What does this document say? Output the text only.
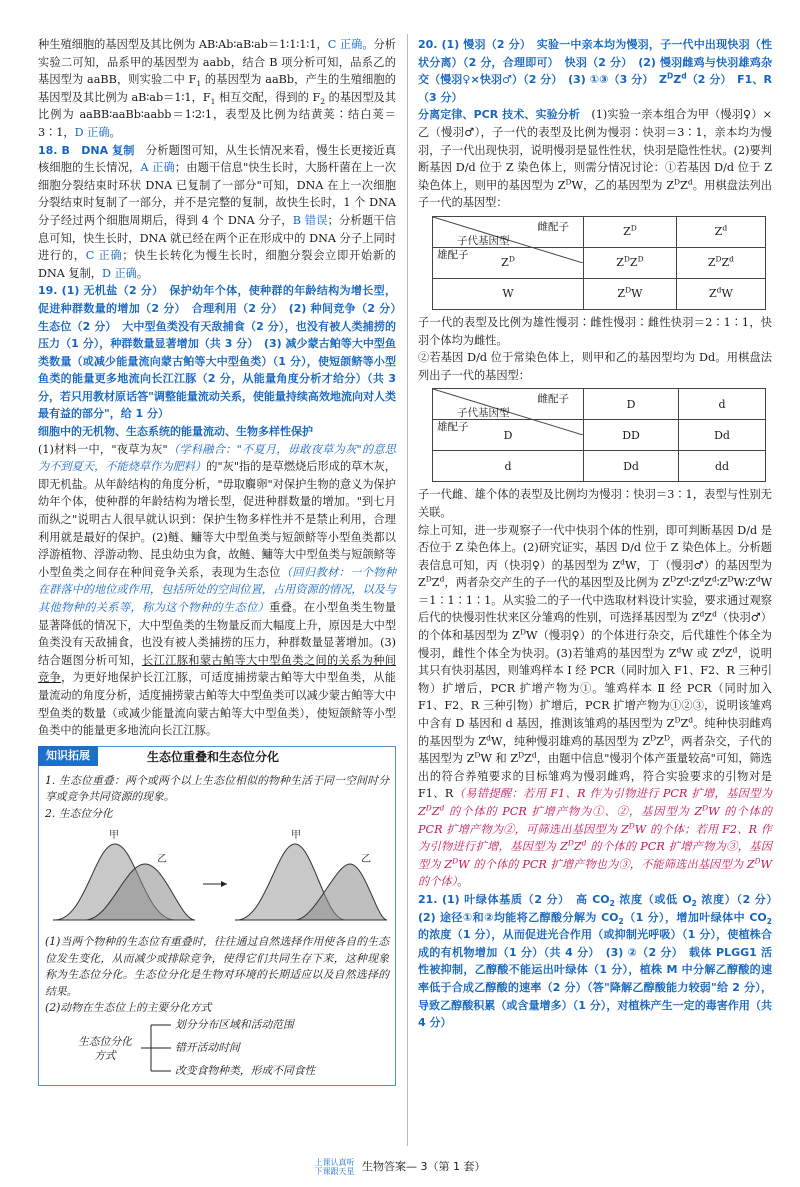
种生殖细胞的基因型及其比例为 AB∶Ab∶aB∶ab＝1∶1∶1∶1，C 正确。分析实验二可知，品系甲的基因型为 aabb，结合 B 项分析可知，品系乙的基因型为 aaBB，则实验二中 $F_1$ 的基因型为 aaBb，产生的生殖细胞的基因型及其比例为 aB∶ab＝1∶1，$F_1$ 相互交配，得到的 $F_2$ 的基因型及其比例为 aaBB∶aaBb∶aabb＝1∶2∶1，表型及比例为结黄荚∶结白荚＝3∶1，D 正确。

18. B　DNA 复制　分析题图可知，从生长情况来看，慢生长更接近真核细胞的生长情况，A 正确；由题干信息"快生长时，大肠杆菌在上一次细胞分裂结束时环状 DNA 已复制了一部分"可知，DNA 在上一次细胞分裂结束时复制了一部分，并不是完整的复制，故快生长时，1 个 DNA 分子经过两个细胞周期后，得到 4 个 DNA 分子，B 错误；分析题干信息可知，快生长时，DNA 就已经在两个正在形成中的 DNA 分子上同时进行的，C 正确；快生长转化为慢生长时，细胞分裂会立即开始新的 DNA 复制，D 正确。

19. (1) 无机盐（2 分）　保护幼年个体，使种群的年龄结构为增长型，促进种群数量的增加（2 分）　合理利用（2 分）　(2) 种间竞争（2 分）　生态位（2 分）　大中型鱼类没有天敌捕食（2 分），也没有被人类捕捞的压力（1 分），种群数量显著增加（共 3 分）　(3) 减少蒙古鲌等大中型鱼类数量（或减少能量流向蒙古鲌等大中型鱼类）（1 分），使短颌鲚等小型鱼类的能量更多地流向长江江豚（2 分，从能量角度分析才给分）（共 3 分，若只用教材原话答"调整能量流动关系，使能量持续高效地流向对人类最有益的部分"，给 1 分）

细胞中的无机物、生态系统的能量流动、生物多样性保护

(1)材料一中，"夜草为灰"（学科融合："不夏月，毋敢夜草为灰"的意思为不到夏天，不能烧草作为肥料）的"灰"指的是草燃烧后形成的草木灰，即无机盐。从年龄结构的角度分析，"毋取麛卵"对保护生物的意义为保护幼年个体，使种群的年龄结构为增长型，促进种群数量的增加。"到七月而纵之"说明古人很早就认识到：保护生物多样性并不是禁止利用，合理利用就是最好的保护。(2)鲢、鳙等大中型鱼类与短颌鲚等小型鱼类都以浮游植物、浮游动物、昆虫幼虫为食，故鲢、鳙等大中型鱼类与短颌鲚等小型鱼类之间存在种间竞争关系，表现为生态位（回归教材：一个物种在群落中的地位或作用，包括所处的空间位置，占用资源的情况，以及与其他物种的关系等，称为这个物种的生态位）重叠。在小型鱼类生物量显著降低的情况下，大中型鱼类的生物量反而大幅度上升，原因是大中型鱼类没有天敌捕食，也没有被人类捕捞的压力，种群数量显著增加。(3)结合题图分析可知，长江江豚和蒙古鲌等大中型鱼类之间的关系为种间竞争，为更好地保护长江江豚，可适度捕捞蒙古鲌等大中型鱼类，从能量流动的角度分析，适度捕捞蒙古鲌等大中型鱼类可以减少蒙古鲌等大中型鱼类的数量（或减少能量流向蒙古鲌等大中型鱼类），使短颌鲚等小型鱼类中的能量更多地流向长江江豚。

知识拓展	生态位重叠和生态位分化

1. 生态位重叠：两个或两个以上生态位相似的物种生活于同一空间时分享或竞争共同资源的现象。

2. 生态位分化

甲
乙
甲
乙

(1)当两个物种的生态位有重叠时，往往通过自然选择作用使各自的生态位发生变化，从而减少或排除竞争，使得它们共同生存下来，这种现象称为生态位分化。生态位分化是生物对环境的长期适应以及自然选择的结果。

(2)动物在生态位上的主要分化方式

生态位分化方式
划分分布区域和活动范围
错开活动时间
改变食物种类，形成不同食性

20. (1) 慢羽（2 分）　实验一中亲本均为慢羽，子一代中出现快羽（性状分离）（2 分，合理即可）　快羽（2 分）　(2) 慢羽雌鸡与快羽雄鸡杂交（慢羽♀×快羽♂）（2 分）　(3) ①③（3 分）　$Z^DZ^d(2$ 分）　F1、R（3 分）

分离定律、PCR 技术、实验分析　(1)实验一亲本组合为甲（慢羽♀）×乙（慢羽♂），子一代的表型及比例为慢羽∶快羽＝3∶1，亲本均为慢羽，子一代出现快羽，说明慢羽是显性性状，快羽是隐性性状。(2)要判断基因 D/d 位于 Z 染色体上，则需分情况讨论：①若基因 D/d 位于 Z 染色体上，则甲的基因型为 $Z^DW$，乙的基因型为 $Z^DZ^d$。用棋盘法列出子一代的基因型：

雌配子
子代基因型
雄配子	$Z^D$	$Z^d$
$Z^D$	$Z^DZ^D$	$Z^DZ^d$
W	$Z^DW$	$Z^dW$

子一代的表型及比例为雄性慢羽∶雌性慢羽∶雌性快羽＝2∶1∶1，快羽个体均为雌性。
②若基因 D/d 位于常染色体上，则甲和乙的基因型均为 Dd。用棋盘法列出子一代的基因型：

雌配子
子代基因型
雄配子	D	d
D	DD	Dd
d	Dd	dd

子一代雌、雄个体的表型及比例均为慢羽∶快羽＝3∶1，表型与性别无关联。
综上可知，进一步观察子一代中快羽个体的性别，即可判断基因 D/d 是否位于 Z 染色体上。(2)研究证实，基因 D/d 位于 Z 染色体上。分析题表信息可知，丙（快羽♀）的基因型为 $Z^dW$，丁（慢羽♂）的基因型为 $Z^DZ^d$，两者杂交产生的子一代的基因型及比例为 $Z^DZ^d∶Z^dZ^d∶Z^DW∶Z^dW=1∶1∶1∶1$。从实验二的子一代中选取材料设计实验，要求通过观察后代的快慢羽性状来区分雏鸡的性别，可选择基因型为 $Z^dZ^d$（快羽♂）的个体和基因型为 $Z^DW$（慢羽♀）的个体进行杂交，后代雄性个体全为慢羽，雌性个体全为快羽。(3)若雏鸡的基因型为 $Z^dW$ 或 $Z^dZ^d$，说明其只有快羽基因，则雏鸡样本 Ⅰ 经 PCR（同时加入 F1、F2、R 三种引物）扩增后，PCR 扩增产物为①。雏鸡样本 Ⅱ 经 PCR（同时加入 F1、F2、R 三种引物）扩增后，PCR 扩增产物为①②③，说明该雏鸡中含有 D 基因和 d 基因，推测该雏鸡的基因型为 $Z^DZ^d$。纯种快羽雌鸡的基因型为 $Z^dW$，纯种慢羽雄鸡的基因型为 $Z^DZ^D$，两者杂交，子代的基因型为 $Z^DW$ 和 $Z^DZ^d$，由题中信息"慢羽个体产蛋量较高"可知，筛选出的符合养殖要求的目标雏鸡为慢羽雌鸡，符合实验要求的引物对是 F1、R（易错提醒：若用 F1、R 作为引物进行 PCR 扩增，基因型为 $Z^DZ^d$ 的个体的 PCR 扩增产物为①、②，基因型为 $Z^DW$ 的个体的 PCR 扩增产物为②，可筛选出基因型为 $Z^DW$ 的个体；若用 F2、R 作为引物进行扩增，基因型为 $Z^DZ^d$ 的个体的 PCR 扩增产物为③，基因型为 $Z^DW$ 的个体的 PCR 扩增产物也为③，不能筛选出基因型为 $Z^DW$ 的个体）。

21. (1) 叶绿体基质（2 分）　高 $CO_2$ 浓度（或低 $O_2$ 浓度）（2 分）　(2) 途径①和②均能将乙醇酸分解为 $CO_2(1$ 分），增加叶绿体中 $CO_2$ 的浓度（1 分），从而促进光合作用（或抑制光呼吸）（1 分），使植株合成的有机物增加（1 分）（共 4 分）　(3) ②（2 分）　载体 PLGG1 活性被抑制，乙醇酸不能运出叶绿体（1 分），植株 M 中分解乙醇酸的速率低于合成乙醇酸的速率（2 分）（答"降解乙醇酸能力较弱"给 2 分），导致乙醇酸积累（或含量增多）（1 分），对植株产生一定的毒害作用（共 4 分）

上课认真听 下课跟天星 生物答案— 3（第 1 套）
